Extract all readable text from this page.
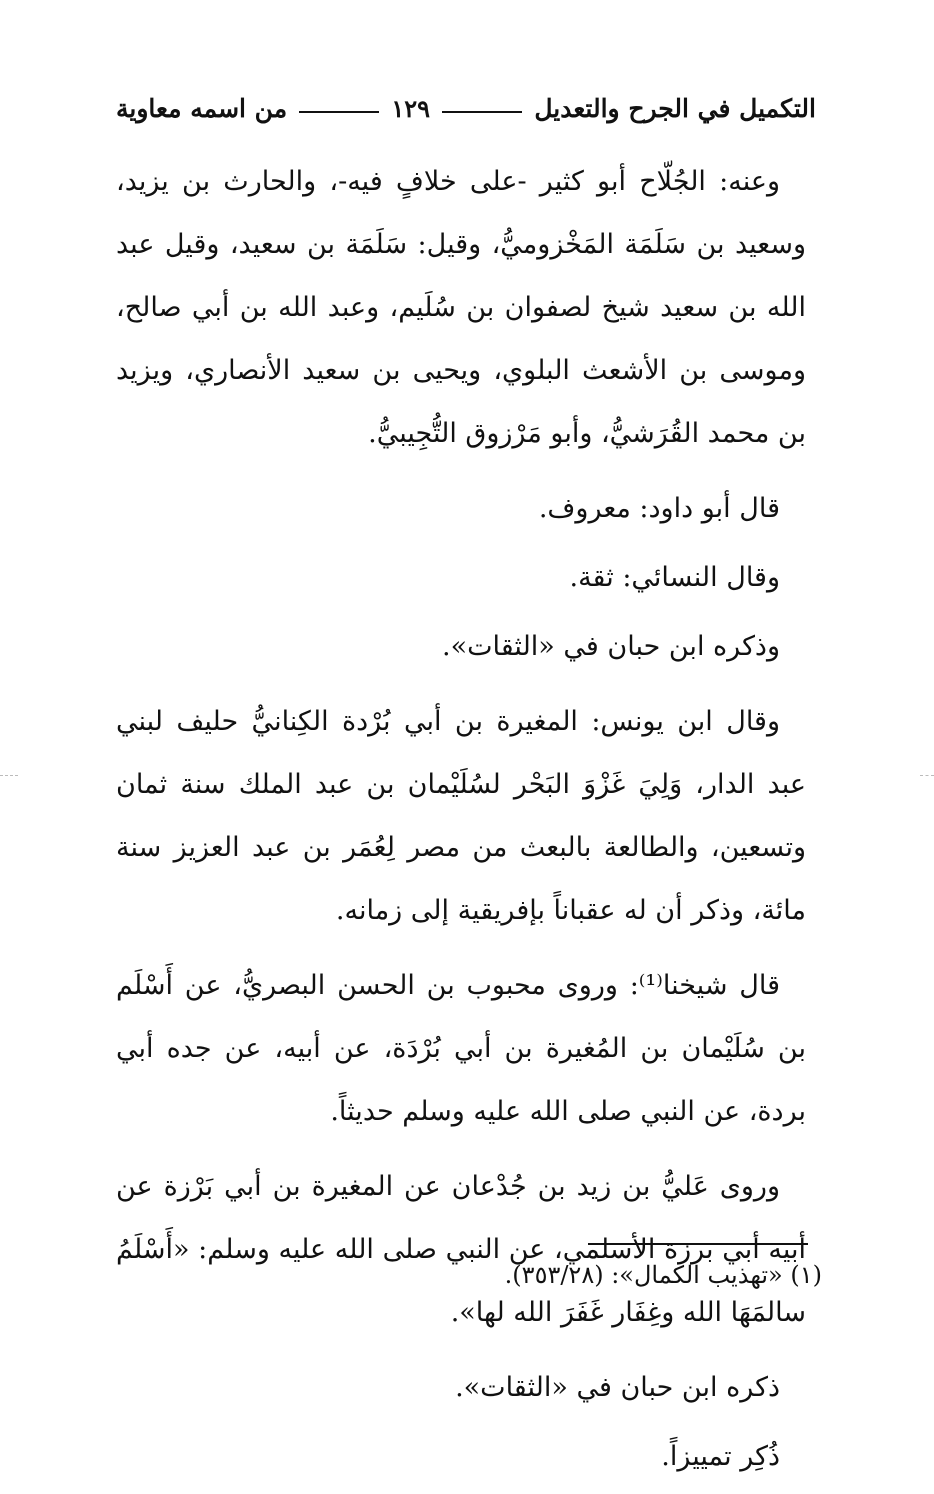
التكميل في الجرح والتعديل
١٢٩
من اسمه معاوية

وعنه: الجُلّاح أبو كثير -على خلافٍ فيه-، والحارث بن يزيد، وسعيد بن سَلَمَة المَخْزوميُّ، وقيل: سَلَمَة بن سعيد، وقيل عبد الله بن سعيد شيخ لصفوان بن سُلَيم، وعبد الله بن أبي صالح، وموسى بن الأشعث البلوي، ويحيى بن سعيد الأنصاري، ويزيد بن محمد القُرَشيُّ، وأبو مَرْزوق التُّجِيبيُّ.

قال أبو داود: معروف.

وقال النسائي: ثقة.

وذكره ابن حبان في «الثقات».

وقال ابن يونس: المغيرة بن أبي بُرْدة الكِنانيُّ حليف لبني عبد الدار، وَلِيَ غَزْوَ البَحْر لسُلَيْمان بن عبد الملك سنة ثمان وتسعين، والطالعة بالبعث من مصر لِعُمَر بن عبد العزيز سنة مائة، وذكر أن له عقباناً بإفريقية إلى زمانه.

قال شيخنا⁽¹⁾: وروى محبوب بن الحسن البصريُّ، عن أَسْلَم بن سُلَيْمان بن المُغيرة بن أبي بُرْدَة، عن أبيه، عن جده أبي بردة، عن النبي صلى الله عليه وسلم حديثاً.

وروى عَليُّ بن زيد بن جُدْعان عن المغيرة بن أبي بَرْزة عن أبيه أبي برزة الأسلمي، عن النبي صلى الله عليه وسلم: «أَسْلَمُ سالمَهَا الله وغِفَار غَفَرَ الله لها».

ذكره ابن حبان في «الثقات».

ذُكِر تمييزاً.

(١) «تهذيب الكمال»: (٣٥٣/٢٨).
